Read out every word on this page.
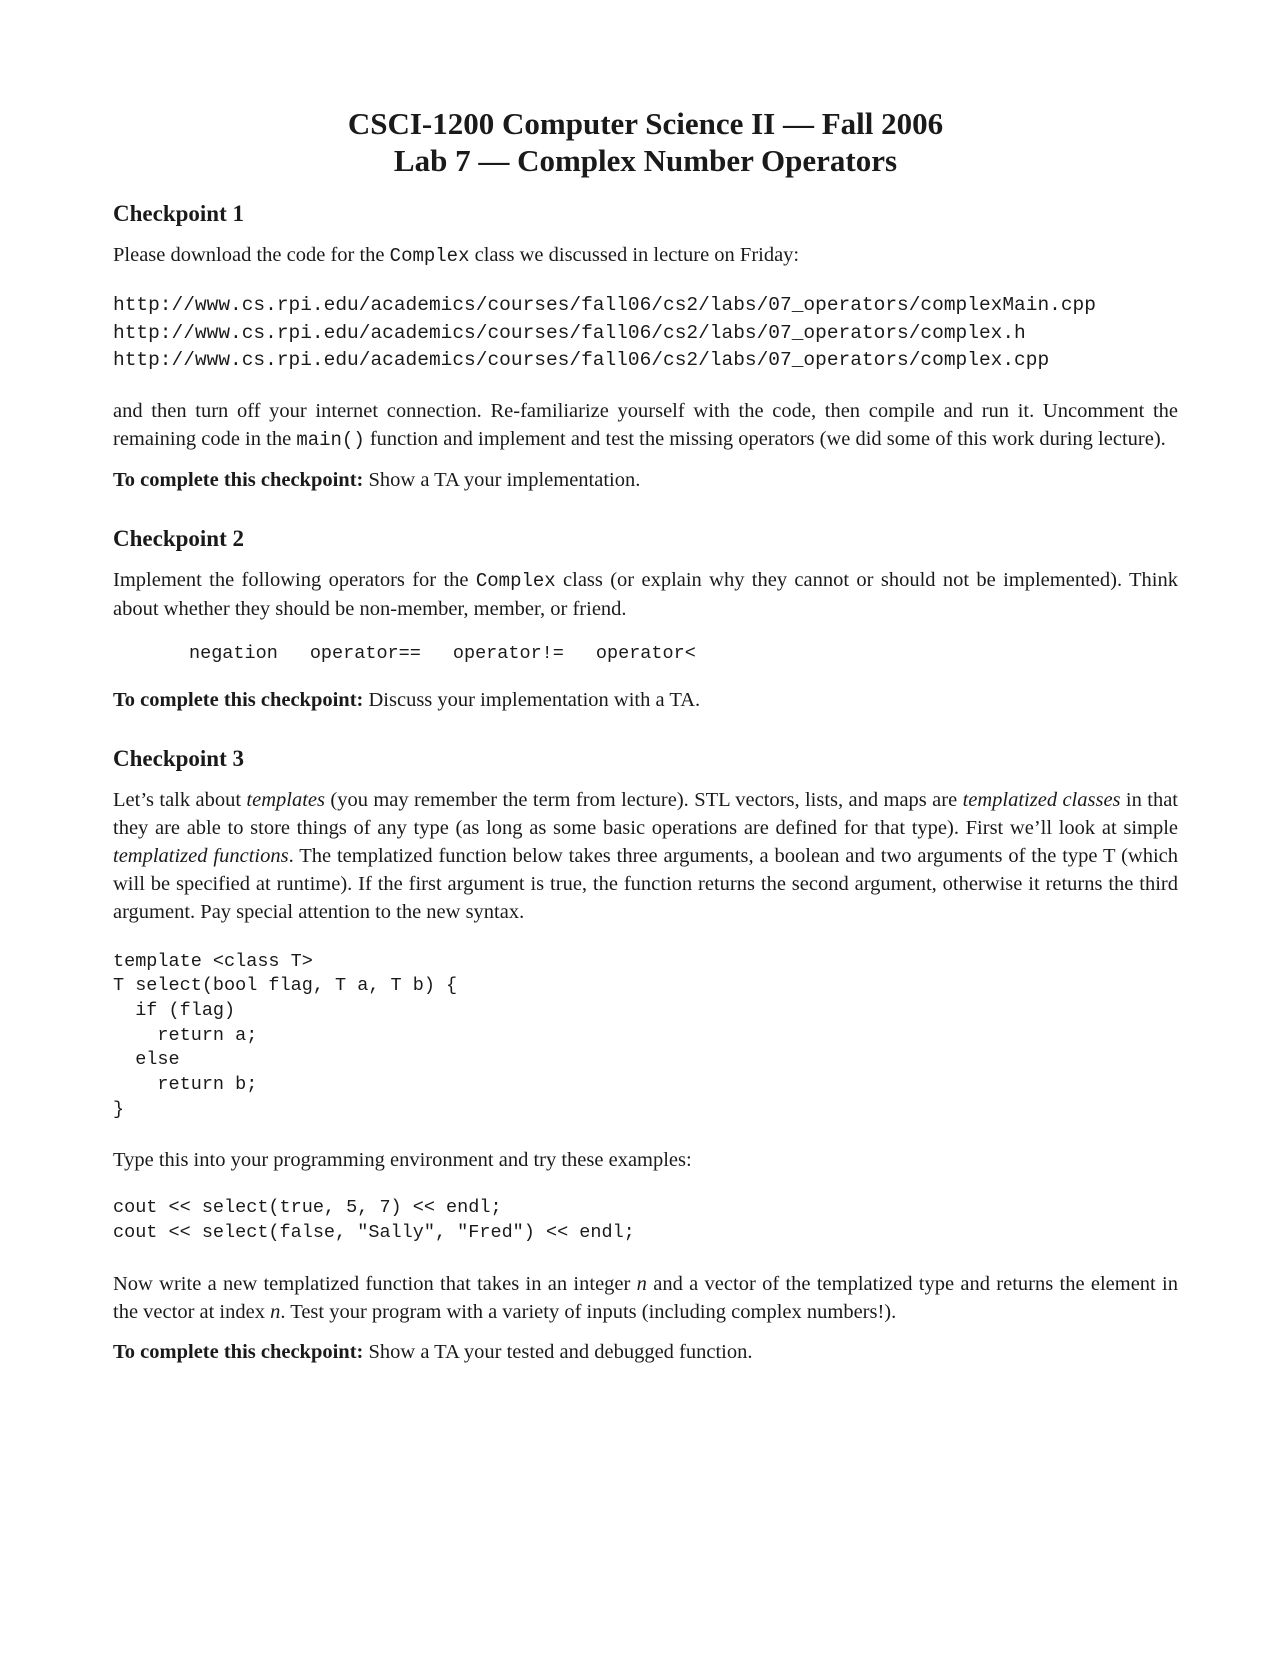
CSCI-1200 Computer Science II — Fall 2006
Lab 7 — Complex Number Operators
Checkpoint 1

Please download the code for the Complex class we discussed in lecture on Friday:

http://www.cs.rpi.edu/academics/courses/fall06/cs2/labs/07_operators/complexMain.cpp
http://www.cs.rpi.edu/academics/courses/fall06/cs2/labs/07_operators/complex.h
http://www.cs.rpi.edu/academics/courses/fall06/cs2/labs/07_operators/complex.cpp

and then turn off your internet connection. Re-familiarize yourself with the code, then compile and run it. Uncomment the remaining code in the main() function and implement and test the missing operators (we did some of this work during lecture).

To complete this checkpoint: Show a TA your implementation.

Checkpoint 2

Implement the following operators for the Complex class (or explain why they cannot or should not be implemented). Think about whether they should be non-member, member, or friend.

negation operator== operator!= operator<

To complete this checkpoint: Discuss your implementation with a TA.

Checkpoint 3

Let’s talk about templates (you may remember the term from lecture). STL vectors, lists, and maps are templatized classes in that they are able to store things of any type (as long as some basic operations are defined for that type). First we’ll look at simple templatized functions. The templatized function below takes three arguments, a boolean and two arguments of the type T (which will be specified at runtime). If the first argument is true, the function returns the second argument, otherwise it returns the third argument. Pay special attention to the new syntax.

template <class T>
T select(bool flag, T a, T b) {
if (flag)
return a;
else
return b;
}

Type this into your programming environment and try these examples:

cout << select(true, 5, 7) << endl;
cout << select(false, "Sally", "Fred") << endl;

Now write a new templatized function that takes in an integer n and a vector of the templatized type and returns the element in the vector at index n. Test your program with a variety of inputs (including complex numbers!).

To complete this checkpoint: Show a TA your tested and debugged function.
